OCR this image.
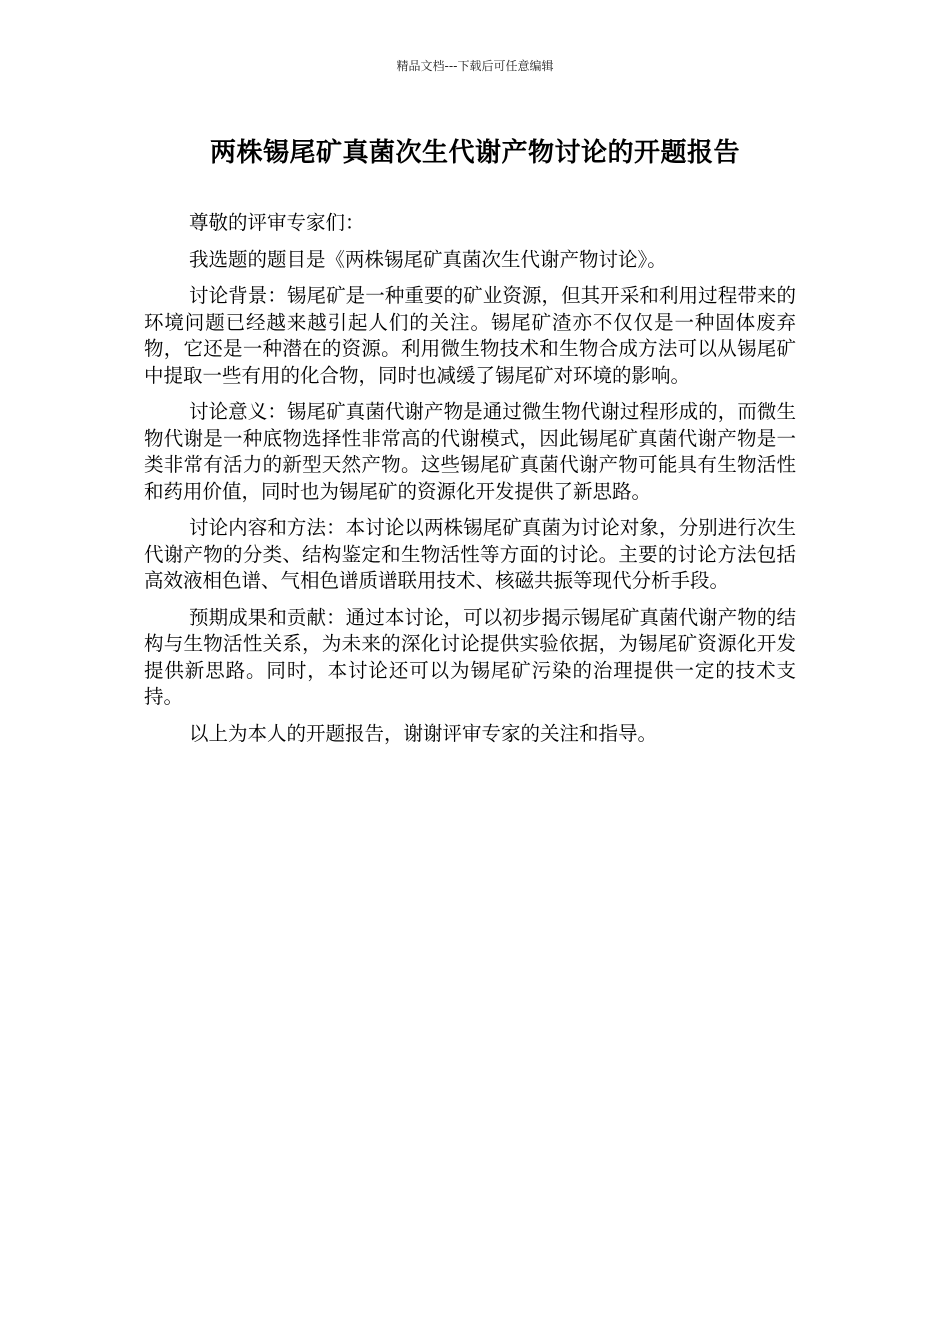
精品文档---下载后可任意编辑
两株锡尾矿真菌次生代谢产物讨论的开题报告

尊敬的评审专家们：

我选题的题目是《两株锡尾矿真菌次生代谢产物讨论》。

讨论背景：锡尾矿是一种重要的矿业资源，但其开采和利用过程带来的环境问题已经越来越引起人们的关注。锡尾矿渣亦不仅仅是一种固体废弃物，它还是一种潜在的资源。利用微生物技术和生物合成方法可以从锡尾矿中提取一些有用的化合物，同时也减缓了锡尾矿对环境的影响。

讨论意义：锡尾矿真菌代谢产物是通过微生物代谢过程形成的，而微生物代谢是一种底物选择性非常高的代谢模式，因此锡尾矿真菌代谢产物是一类非常有活力的新型天然产物。这些锡尾矿真菌代谢产物可能具有生物活性和药用价值，同时也为锡尾矿的资源化开发提供了新思路。

讨论内容和方法：本讨论以两株锡尾矿真菌为讨论对象，分别进行次生代谢产物的分类、结构鉴定和生物活性等方面的讨论。主要的讨论方法包括高效液相色谱、气相色谱质谱联用技术、核磁共振等现代分析手段。

预期成果和贡献：通过本讨论，可以初步揭示锡尾矿真菌代谢产物的结构与生物活性关系，为未来的深化讨论提供实验依据，为锡尾矿资源化开发提供新思路。同时，本讨论还可以为锡尾矿污染的治理提供一定的技术支持。

以上为本人的开题报告，谢谢评审专家的关注和指导。
